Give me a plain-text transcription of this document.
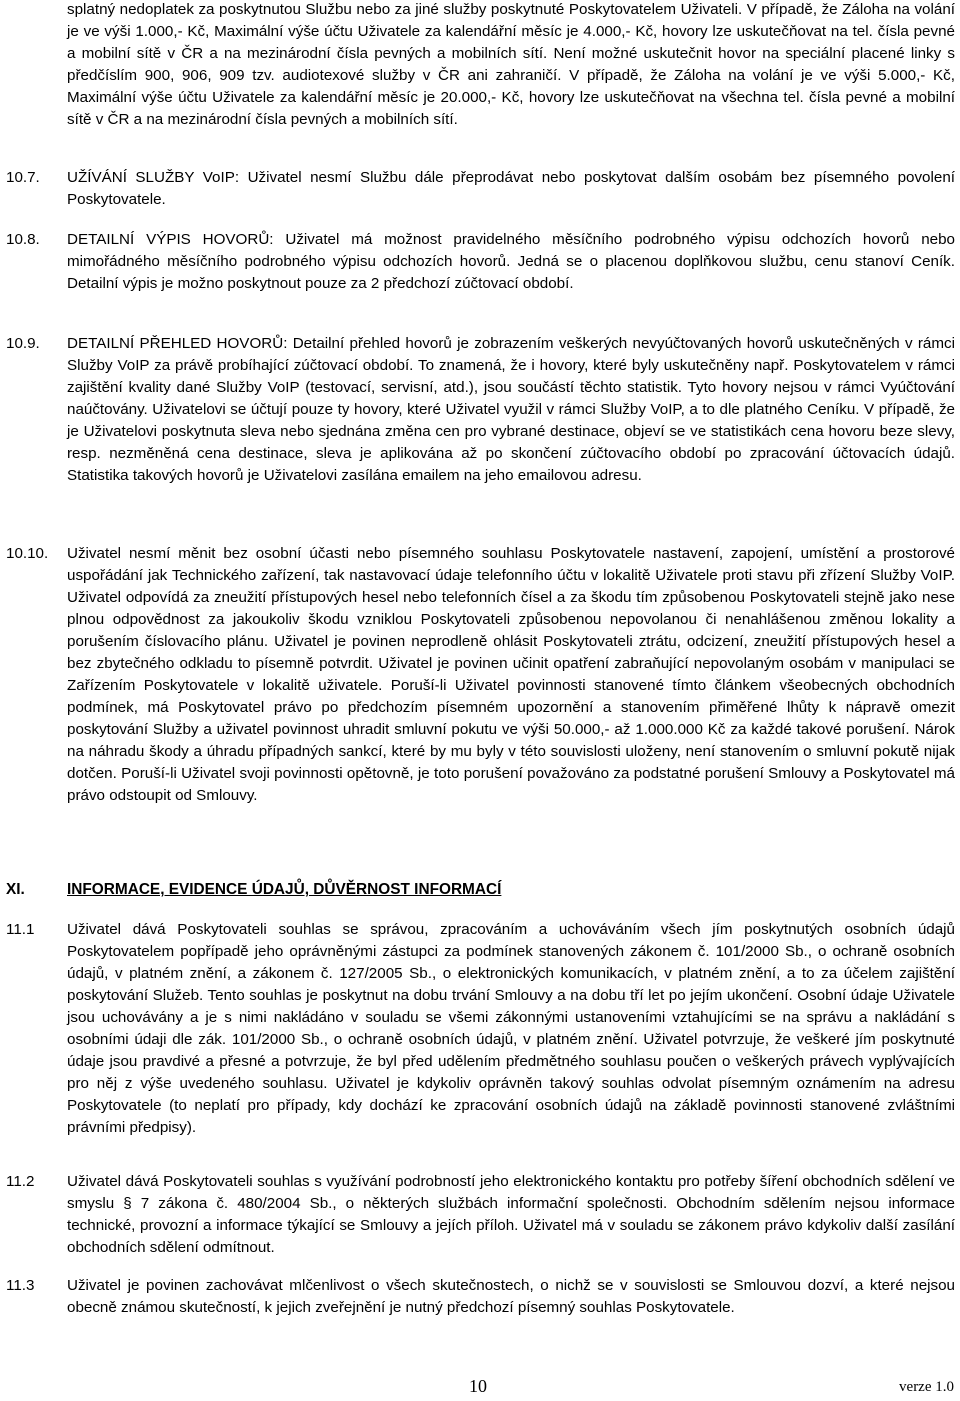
splatný nedoplatek za poskytnutou Službu nebo za jiné služby poskytnuté Poskytovatelem Uživateli. V případě, že Záloha na volání je ve výši 1.000,- Kč, Maximální výše účtu Uživatele za kalendářní měsíc je 4.000,- Kč, hovory lze uskutečňovat na tel. čísla pevné a mobilní sítě v ČR a na mezinárodní čísla pevných a mobilních sítí. Není možné uskutečnit hovor na speciální placené linky s předčíslím 900, 906, 909 tzv. audiotexové služby v ČR ani zahraničí. V případě, že Záloha na volání je ve výši 5.000,- Kč, Maximální výše účtu Uživatele za kalendářní měsíc je 20.000,- Kč, hovory lze uskutečňovat na všechna tel. čísla pevné a mobilní sítě v ČR a na mezinárodní čísla pevných a mobilních sítí.
10.7. UŽÍVÁNÍ SLUŽBY VoIP: Uživatel nesmí Službu dále přeprodávat nebo poskytovat dalším osobám bez písemného povolení Poskytovatele.
10.8. DETAILNÍ VÝPIS HOVORŮ: Uživatel má možnost pravidelného měsíčního podrobného výpisu odchozích hovorů nebo mimořádného měsíčního podrobného výpisu odchozích hovorů. Jedná se o placenou doplňkovou službu, cenu stanoví Ceník. Detailní výpis je možno poskytnout pouze za 2 předchozí zúčtovací období.
10.9. DETAILNÍ PŘEHLED HOVORŮ: Detailní přehled hovorů je zobrazením veškerých nevyúčtovaných hovorů uskutečněných v rámci Služby VoIP za právě probíhající zúčtovací období. To znamená, že i hovory, které byly uskutečněny např. Poskytovatelem v rámci zajištění kvality dané Služby VoIP (testovací, servisní, atd.), jsou součástí těchto statistik. Tyto hovory nejsou v rámci Vyúčtování naúčtovány. Uživatelovi se účtují pouze ty hovory, které Uživatel využil v rámci Služby VoIP, a to dle platného Ceníku. V případě, že je Uživatelovi poskytnuta sleva nebo sjednána změna cen pro vybrané destinace, objeví se ve statistikách cena hovoru beze slevy, resp. nezměněná cena destinace, sleva je aplikována až po skončení zúčtovacího období po zpracování účtovacích údajů. Statistika takových hovorů je Uživatelovi zasílána emailem na jeho emailovou adresu.
10.10. Uživatel nesmí měnit bez osobní účasti nebo písemného souhlasu Poskytovatele nastavení, zapojení, umístění a prostorové uspořádání jak Technického zařízení, tak nastavovací údaje telefonního účtu v lokalitě Uživatele proti stavu při zřízení Služby VoIP. Uživatel odpovídá za zneužití přístupových hesel nebo telefonních čísel a za škodu tím způsobenou Poskytovateli stejně jako nese plnou odpovědnost za jakoukoliv škodu vzniklou Poskytovateli způsobenou nepovolanou či nenahlášenou změnou lokality a porušením číslovacího plánu. Uživatel je povinen neprodleně ohlásit Poskytovateli ztrátu, odcizení, zneužití přístupových hesel a bez zbytečného odkladu to písemně potvrdit. Uživatel je povinen učinit opatření zabraňující nepovolaným osobám v manipulaci se Zařízením Poskytovatele v lokalitě uživatele. Poruší-li Uživatel povinnosti stanovené tímto článkem všeobecných obchodních podmínek, má Poskytovatel právo po předchozím písemném upozornění a stanovením přiměřené lhůty k nápravě omezit poskytování Služby a uživatel povinnost uhradit smluvní pokutu ve výši 50.000,- až 1.000.000 Kč za každé takové porušení. Nárok na náhradu škody a úhradu případných sankcí, které by mu byly v této souvislosti uloženy, není stanovením o smluvní pokutě nijak dotčen. Poruší-li Uživatel svoji povinnosti opětovně, je toto porušení považováno za podstatné porušení Smlouvy a Poskytovatel má právo odstoupit od Smlouvy.
XI.	INFORMACE, EVIDENCE ÚDAJŮ, DŮVĚRNOST INFORMACÍ
11.1 Uživatel dává Poskytovateli souhlas se správou, zpracováním a uchováváním všech jím poskytnutých osobních údajů Poskytovatelem popřípadě jeho oprávněnými zástupci za podmínek stanovených zákonem č. 101/2000 Sb., o ochraně osobních údajů, v platném znění, a zákonem č. 127/2005 Sb., o elektronických komunikacích, v platném znění, a to za účelem zajištění poskytování Služeb. Tento souhlas je poskytnut na dobu trvání Smlouvy a na dobu tří let po jejím ukončení. Osobní údaje Uživatele jsou uchovávány a je s nimi nakládáno v souladu se všemi zákonnými ustanoveními vztahujícími se na správu a nakládání s osobními údaji dle zák. 101/2000 Sb., o ochraně osobních údajů, v platném znění. Uživatel potvrzuje, že veškeré jím poskytnuté údaje jsou pravdivé a přesné a potvrzuje, že byl před udělením předmětného souhlasu poučen o veškerých právech vyplývajících pro něj z výše uvedeného souhlasu. Uživatel je kdykoliv oprávněn takový souhlas odvolat písemným oznámením na adresu Poskytovatele (to neplatí pro případy, kdy dochází ke zpracování osobních údajů na základě povinnosti stanovené zvláštními právními předpisy).
11.2 Uživatel dává Poskytovateli souhlas s využívání podrobností jeho elektronického kontaktu pro potřeby šíření obchodních sdělení ve smyslu § 7 zákona č. 480/2004 Sb., o některých službách informační společnosti. Obchodním sdělením nejsou informace technické, provozní a informace týkající se Smlouvy a jejích příloh. Uživatel má v souladu se zákonem právo kdykoliv další zasílání obchodních sdělení odmítnout.
11.3 Uživatel je povinen zachovávat mlčenlivost o všech skutečnostech, o nichž se v souvislosti se Smlouvou dozví, a které nejsou obecně známou skutečností, k jejich zveřejnění je nutný předchozí písemný souhlas Poskytovatele.
10	verze 1.0
